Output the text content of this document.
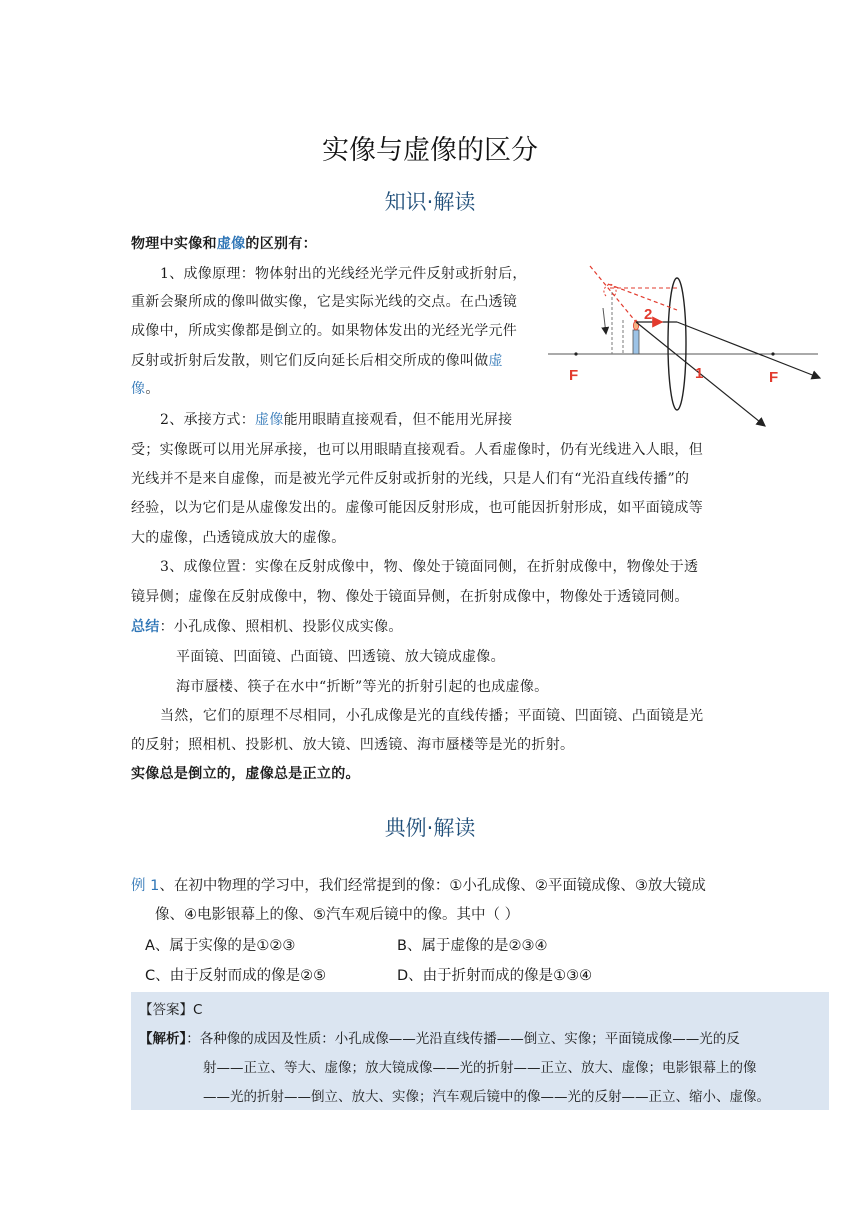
实像与虚像的区分
知识·解读
物理中实像和虚像的区别有：
1、成像原理：物体射出的光线经光学元件反射或折射后，
重新会聚所成的像叫做实像，它是实际光线的交点。在凸透镜
成像中，所成实像都是倒立的。如果物体发出的光经光学元件
反射或折射后发散，则它们反向延长后相交所成的像叫做虚
像。
2、承接方式：虚像能用眼睛直接观看，但不能用光屏接
受；实像既可以用光屏承接，也可以用眼睛直接观看。人看虚像时，仍有光线进入人眼，但
光线并不是来自虚像，而是被光学元件反射或折射的光线，只是人们有“光沿直线传播”的
经验，以为它们是从虚像发出的。虚像可能因反射形成，也可能因折射形成，如平面镜成等
大的虚像，凸透镜成放大的虚像。
3、成像位置：实像在反射成像中，物、像处于镜面同侧，在折射成像中，物像处于透
镜异侧；虚像在反射成像中，物、像处于镜面异侧，在折射成像中，物像处于透镜同侧。
总结：小孔成像、照相机、投影仪成实像。
平面镜、凹面镜、凸面镜、凹透镜、放大镜成虚像。
海市蜃楼、筷子在水中“折断”等光的折射引起的也成虚像。
当然，它们的原理不尽相同，小孔成像是光的直线传播；平面镜、凹面镜、凸面镜是光
的反射；照相机、投影机、放大镜、凹透镜、海市蜃楼等是光的折射。
实像总是倒立的，虚像总是正立的。
典例·解读
例 1、在初中物理的学习中，我们经常提到的像：①小孔成像、②平面镜成像、③放大镜成
像、④电影银幕上的像、⑤汽车观后镜中的像。其中（ ）
A、属于实像的是①②③	B、属于虚像的是②③④
C、由于反射而成的像是②⑤	D、由于折射而成的像是①③④
【答案】C
【解析】：各种像的成因及性质：小孔成像——光沿直线传播——倒立、实像；平面镜成像——光的反
射——正立、等大、虚像；放大镜成像——光的折射——正立、放大、虚像；电影银幕上的像
——光的折射——倒立、放大、实像；汽车观后镜中的像——光的反射——正立、缩小、虚像。
F	F
1
2
